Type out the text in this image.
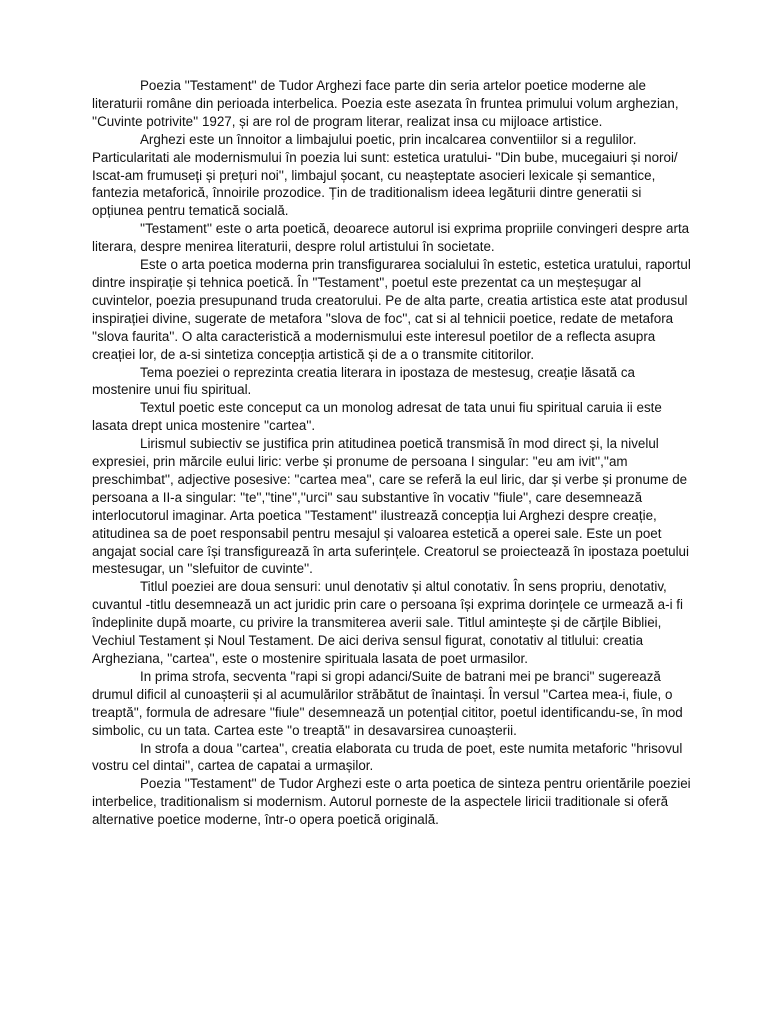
Poezia ''Testament'' de Tudor Arghezi face parte din seria artelor poetice moderne ale literaturii române din perioada interbelica. Poezia este asezata în fruntea primului volum arghezian, ''Cuvinte potrivite'' 1927, și are rol de program literar, realizat insa cu mijloace artistice.

Arghezi este un înnoitor a limbajului poetic, prin incalcarea conventiilor si a regulilor. Particularitati ale modernismului în poezia lui sunt: estetica uratului- ''Din bube, mucegaiuri și noroi/ Iscat-am frumuseți și prețuri noi'', limbajul șocant, cu neașteptate asocieri lexicale și semantice, fantezia metaforică, înnoirile prozodice. Țin de traditionalism ideea legăturii dintre generatii si opțiunea pentru tematică socială.

''Testament'' este o arta poetică, deoarece autorul isi exprima propriile convingeri despre arta literara, despre menirea literaturii, despre rolul artistului în societate.

Este o arta poetica moderna prin transfigurarea socialului în estetic, estetica uratului, raportul dintre inspirație și tehnica poetică. În ''Testament'', poetul este prezentat ca un meșteșugar al cuvintelor, poezia presupunand truda creatorului. Pe de alta parte, creatia artistica este atat produsul inspirației divine, sugerate de metafora ''slova de foc'', cat si al tehnicii poetice, redate de metafora ''slova faurita''. O alta caracteristică a modernismului este interesul poetilor de a reflecta asupra creației lor, de a-si sintetiza concepția artistică și de a o transmite cititorilor.

Tema poeziei o reprezinta creatia literara in ipostaza de mestesug, creație lăsată ca mostenire unui fiu spiritual.

Textul poetic este conceput ca un monolog adresat de tata unui fiu spiritual caruia ii este lasata drept unica mostenire ''cartea''.

Lirismul subiectiv se justifica prin atitudinea poetică transmisă în mod direct și, la nivelul expresiei, prin mărcile eului liric: verbe și pronume de persoana I singular: ''eu am ivit'',''am preschimbat'', adjective posesive: ''cartea mea'', care se referă la eul liric, dar și verbe și pronume de persoana a II-a singular: ''te'',''tine'',''urci'' sau substantive în vocativ ''fiule'', care desemnează interlocutorul imaginar. Arta poetica ''Testament'' ilustrează concepția lui Arghezi despre creație, atitudinea sa de poet responsabil pentru mesajul și valoarea estetică a operei sale. Este un poet angajat social care își transfigurează în arta suferințele. Creatorul se proiectează în ipostaza poetului mestesugar, un ''slefuitor de cuvinte''.

Titlul poeziei are doua sensuri: unul denotativ și altul conotativ. În sens propriu, denotativ, cuvantul -titlu desemnează un act juridic prin care o persoana își exprima dorințele ce urmează a-i fi îndeplinite după moarte, cu privire la transmiterea averii sale. Titlul amintește și de cărțile Bibliei, Vechiul Testament și Noul Testament. De aici deriva sensul figurat, conotativ al titlului: creatia Argheziana, ''cartea'', este o mostenire spirituala lasata de poet urmasilor.

In prima strofa, secventa ''rapi si gropi adanci/Suite de batrani mei pe branci'' sugerează drumul dificil al cunoașterii și al acumulărilor străbătut de înaintași. În versul ''Cartea mea-i, fiule, o treaptă'', formula de adresare ''fiule'' desemnează un potențial cititor, poetul identificandu-se, în mod simbolic, cu un tata. Cartea este ''o treaptă'' in desavarsirea cunoașterii.

In strofa a doua ''cartea'', creatia elaborata cu truda de poet, este numita metaforic ''hrisovul vostru cel dintai'', cartea de capatai a urmașilor.

Poezia ''Testament'' de Tudor Arghezi este o arta poetica de sinteza pentru orientările poeziei interbelice, traditionalism si modernism. Autorul porneste de la aspectele liricii traditionale si oferă alternative poetice moderne, într-o opera poetică originală.
